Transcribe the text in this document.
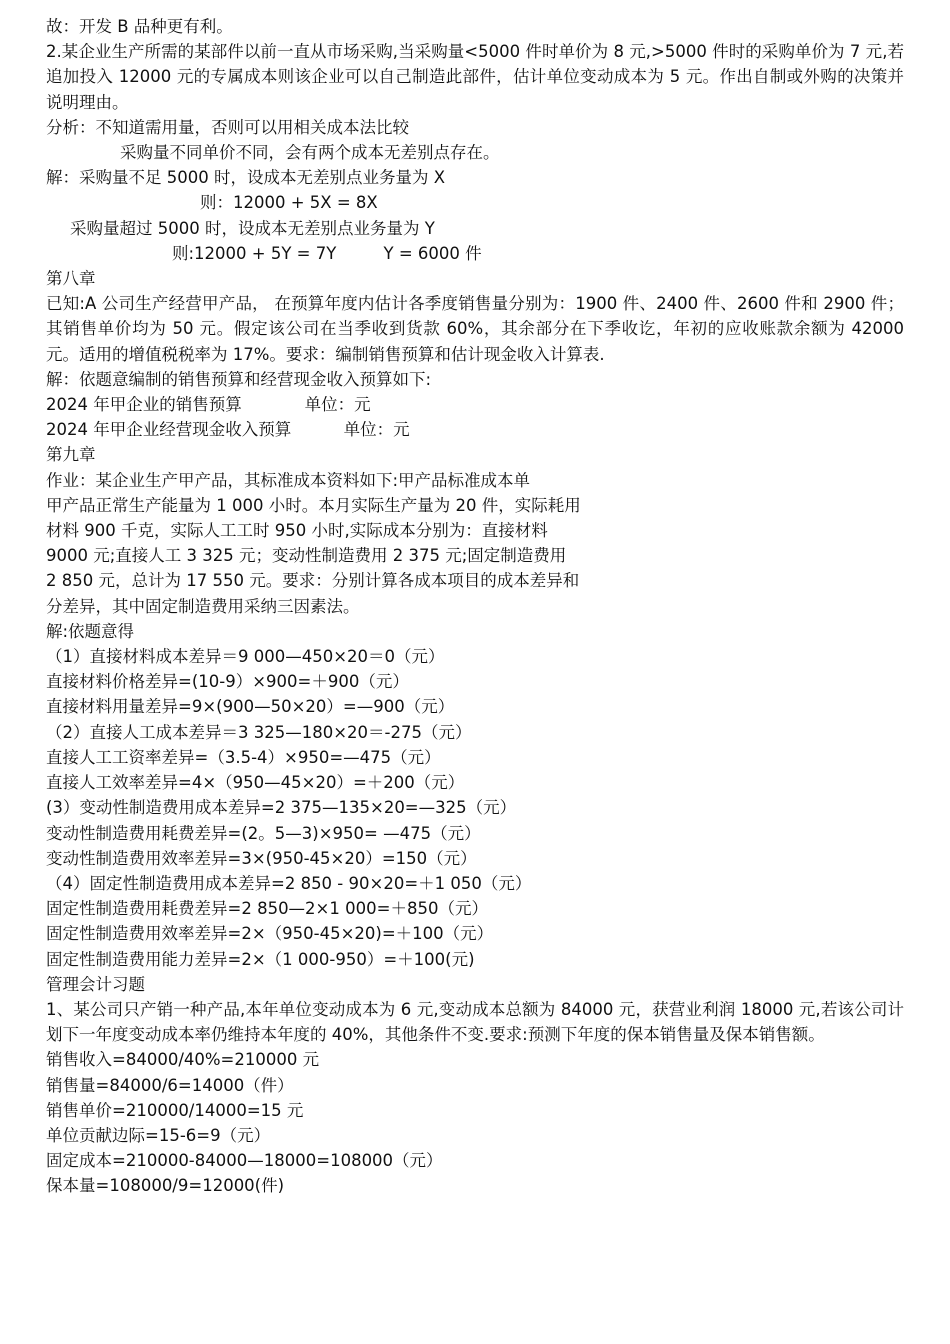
故：开发 B 品种更有利。
2.某企业生产所需的某部件以前一直从市场采购,当采购量<5000 件时单价为 8 元,>5000 件时的采购单价为 7 元,若追加投入 12000 元的专属成本则该企业可以自己制造此部件，估计单位变动成本为 5 元。作出自制或外购的决策并说明理由。
分析：不知道需用量，否则可以用相关成本法比较
采购量不同单价不同，会有两个成本无差别点存在。
解：采购量不足 5000 时，设成本无差别点业务量为 X
则：12000 + 5X = 8X
采购量超过 5000 时，设成本无差别点业务量为 Y
则:12000 + 5Y = 7Y         Y = 6000 件
第八章
已知:A 公司生产经营甲产品， 在预算年度内估计各季度销售量分别为：1900 件、2400 件、2600 件和 2900 件；其销售单价均为 50 元。假定该公司在当季收到货款 60%，其余部分在下季收讫，年初的应收账款余额为 42000 元。适用的增值税税率为 17%。要求：编制销售预算和估计现金收入计算表.
解：依题意编制的销售预算和经营现金收入预算如下:
2024 年甲企业的销售预算            单位：元
2024 年甲企业经营现金收入预算          单位：元
第九章
作业：某企业生产甲产品，其标准成本资料如下:甲产品标准成本单
甲产品正常生产能量为 1 000 小时。本月实际生产量为 20 件，实际耗用
材料 900 千克，实际人工工时 950 小时,实际成本分别为：直接材料
9000 元;直接人工 3 325 元；变动性制造费用 2 375 元;固定制造费用
2 850 元，总计为 17 550 元。要求：分别计算各成本项目的成本差异和
分差异，其中固定制造费用采纳三因素法。
解:依题意得
（1）直接材料成本差异＝9 000—450×20＝0（元）
直接材料价格差异=(10-9）×900=＋900（元）
直接材料用量差异=9×(900—50×20）=—900（元）
（2）直接人工成本差异＝3 325—180×20＝-275（元）
直接人工工资率差异=（3.5-4）×950=—475（元）
直接人工效率差异=4×（950—45×20）=＋200（元）
(3）变动性制造费用成本差异=2 375—135×20=—325（元）
变动性制造费用耗费差异=(2。5—3)×950= —475（元）
变动性制造费用效率差异=3×(950-45×20）=150（元）
（4）固定性制造费用成本差异=2 850 - 90×20=＋1 050（元）
固定性制造费用耗费差异=2 850—2×1 000=＋850（元）
固定性制造费用效率差异=2×（950-45×20)=＋100（元）
固定性制造费用能力差异=2×（1 000-950）=＋100(元)
管理会计习题
1、某公司只产销一种产品,本年单位变动成本为 6 元,变动成本总额为 84000 元，获营业利润 18000 元,若该公司计划下一年度变动成本率仍维持本年度的 40%，其他条件不变.要求:预测下年度的保本销售量及保本销售额。
销售收入=84000/40%=210000 元
销售量=84000/6=14000（件）
销售单价=210000/14000=15 元
单位贡献边际=15-6=9（元）
固定成本=210000-84000—18000=108000（元）
保本量=108000/9=12000(件)
